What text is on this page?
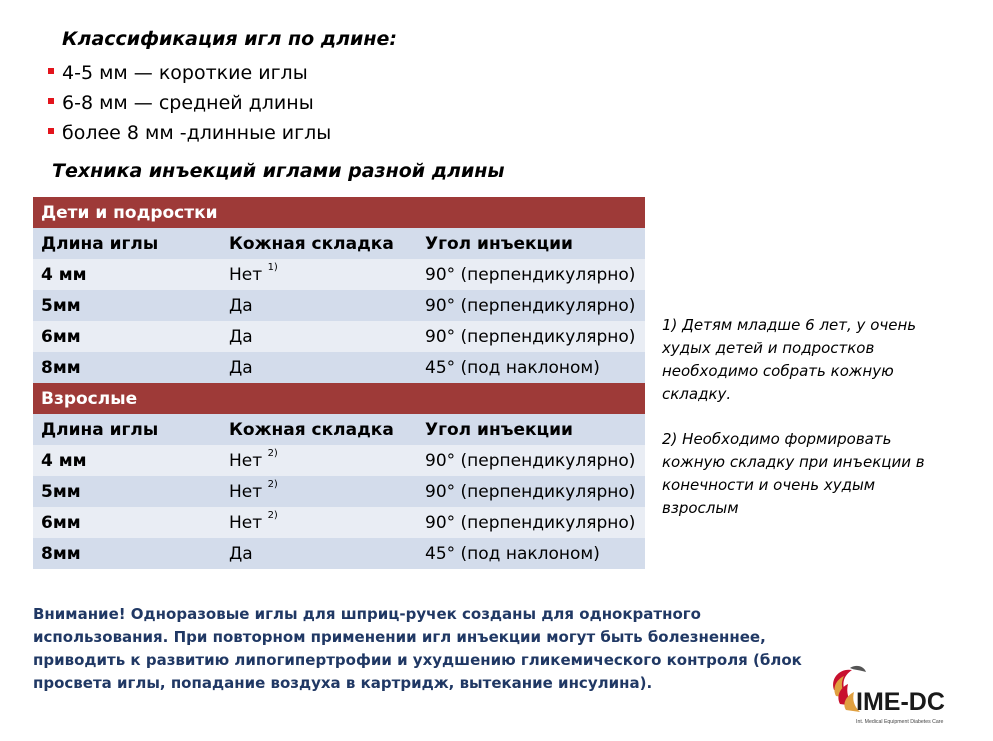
Классификация игл по длине:
4-5 мм — короткие иглы
6-8 мм — средней длины
более 8 мм -длинные иглы
Техника инъекций иглами разной длины
Дети и подростки		
Длина иглы	Кожная складка	Угол инъекции
4 мм	Нет $^{1)}$	90° (перпендикулярно)
5мм	Да	90° (перпендикулярно)
6мм	Да	90° (перпендикулярно)
8мм	Да	45° (под наклоном)
Взрослые		
Длина иглы	Кожная складка	Угол инъекции
4 мм	Нет $^{2)}$	90° (перпендикулярно)
5мм	Нет $^{2)}$	90° (перпендикулярно)
6мм	Нет $^{2)}$	90° (перпендикулярно)
8мм	Да	45° (под наклоном)

1) Детям младше 6 лет, у очень худых детей и подростков необходимо собрать кожную складку.

2) Необходимо формировать кожную складку при инъекции в конечности и очень худым взрослым

Внимание! Одноразовые иглы для шприц-ручек созданы для однократного использования. При повторном применении игл инъекции могут быть болезненнее, приводить к развитию липогипертрофии и ухудшению гликемического контроля (блок просвета иглы, попадание воздуха в картридж, вытекание инсулина).
IME-DC
Int. Medical Equipment Diabetes Care
